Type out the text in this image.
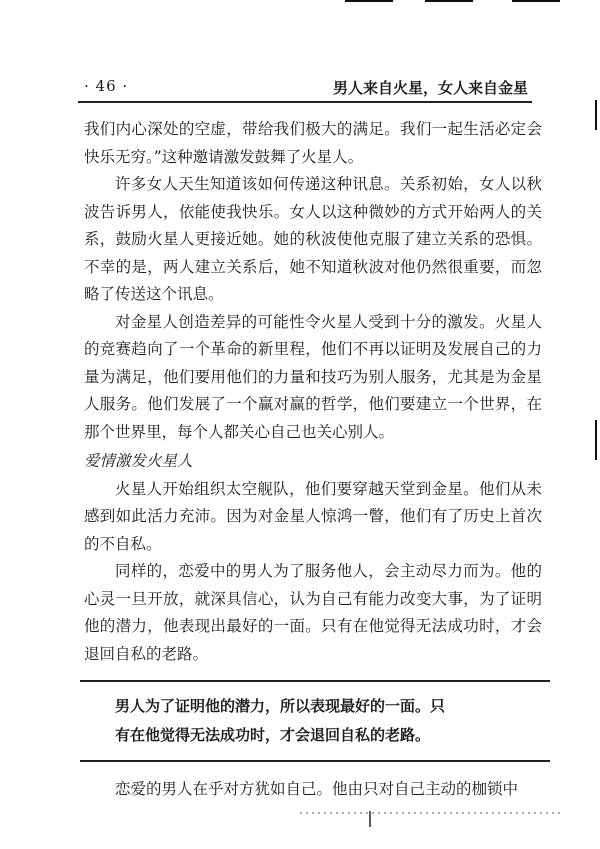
· 46 ·	男人来自火星，女人来自金星

我们内心深处的空虚，带给我们极大的满足。我们一起生活必定会快乐无穷。”这种邀请激发鼓舞了火星人。

许多女人天生知道该如何传递这种讯息。关系初始，女人以秋波告诉男人，依能使我快乐。女人以这种微妙的方式开始两人的关系，鼓励火星人更接近她。她的秋波使他克服了建立关系的恐惧。不幸的是，两人建立关系后，她不知道秋波对他仍然很重要，而忽略了传送这个讯息。

对金星人创造差异的可能性令火星人受到十分的激发。火星人的竞赛趋向了一个革命的新里程，他们不再以证明及发展自己的力量为满足，他们要用他们的力量和技巧为别人服务，尤其是为金星人服务。他们发展了一个赢对赢的哲学，他们要建立一个世界，在那个世界里，每个人都关心自己也关心别人。

爱情激发火星人

火星人开始组织太空舰队，他们要穿越天堂到金星。他们从未感到如此活力充沛。因为对金星人惊鸿一瞥，他们有了历史上首次的不自私。

同样的，恋爱中的男人为了服务他人，会主动尽力而为。他的心灵一旦开放，就深具信心，认为自己有能力改变大事，为了证明他的潜力，他表现出最好的一面。只有在他觉得无法成功时，才会退回自私的老路。

男人为了证明他的潜力，所以表现最好的一面。只
有在他觉得无法成功时，才会退回自私的老路。

恋爱的男人在乎对方犹如自己。他由只对自己主动的枷锁中
